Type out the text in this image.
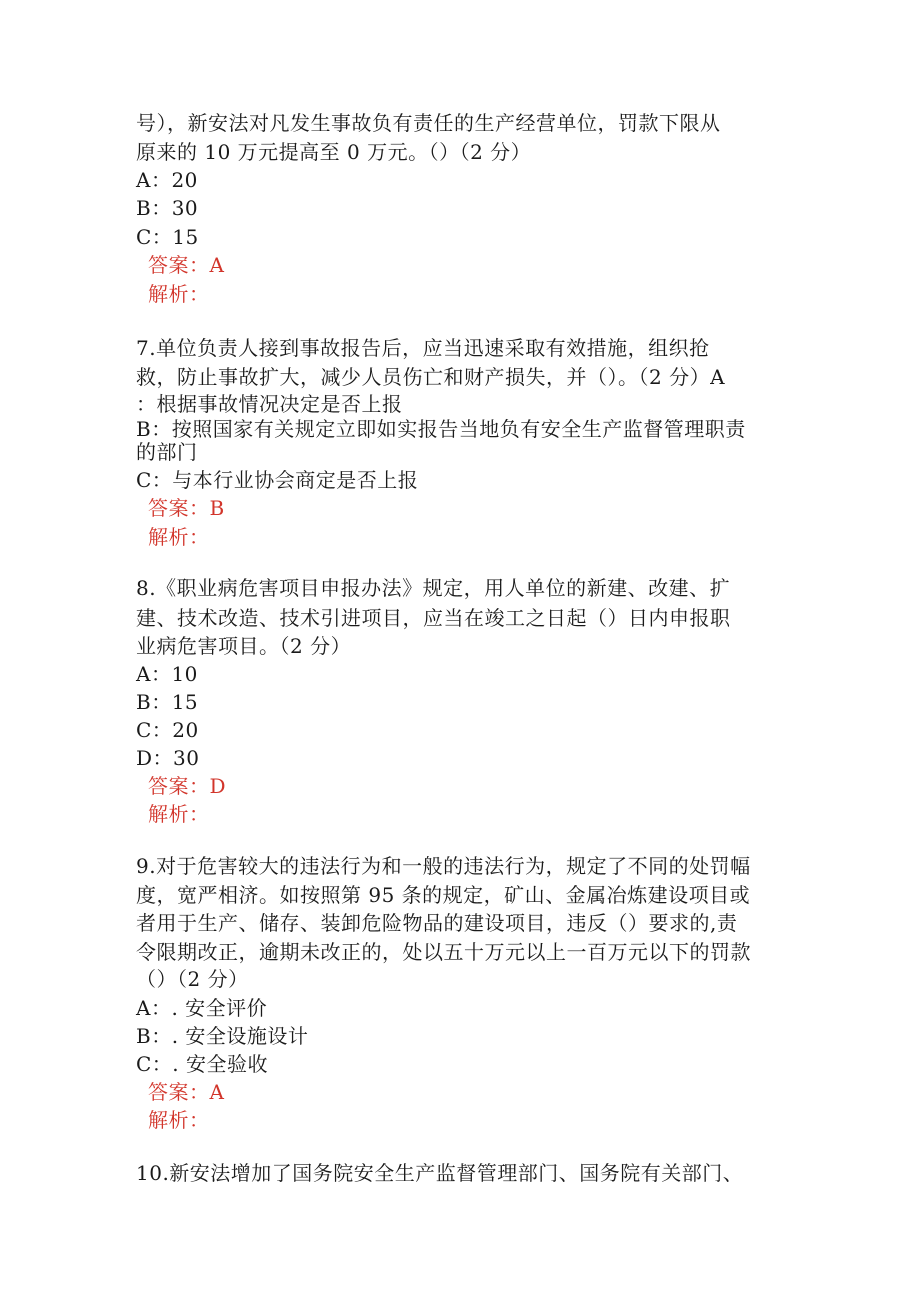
号），新安法对凡发生事故负有责任的生产经营单位，罚款下限从
原来的 10 万元提高至 0 万元。（）（2 分）
A：20
B：30
C：15
答案：A
解析：
7.单位负责人接到事故报告后，应当迅速采取有效措施，组织抢
救，防止事故扩大，减少人员伤亡和财产损失，并（）。（2 分）A
：根据事故情况决定是否上报
B：按照国家有关规定立即如实报告当地负有安全生产监督管理职责
的部门
C：与本行业协会商定是否上报
答案：B
解析：
8.《职业病危害项目申报办法》规定，用人单位的新建、改建、扩
建、技术改造、技术引进项目，应当在竣工之日起（）日内申报职
业病危害项目。（2 分）
A：10
B：15
C：20
D：30
答案：D
解析：
9.对于危害较大的违法行为和一般的违法行为，规定了不同的处罚幅
度，宽严相济。如按照第 95 条的规定，矿山、金属冶炼建设项目或
者用于生产、储存、装卸危险物品的建设项目，违反（）要求的,责
令限期改正，逾期未改正的，处以五十万元以上一百万元以下的罚款
（）（2 分）
A：. 安全评价
B：. 安全设施设计
C：. 安全验收
答案：A
解析：
10.新安法增加了国务院安全生产监督管理部门、国务院有关部门、
